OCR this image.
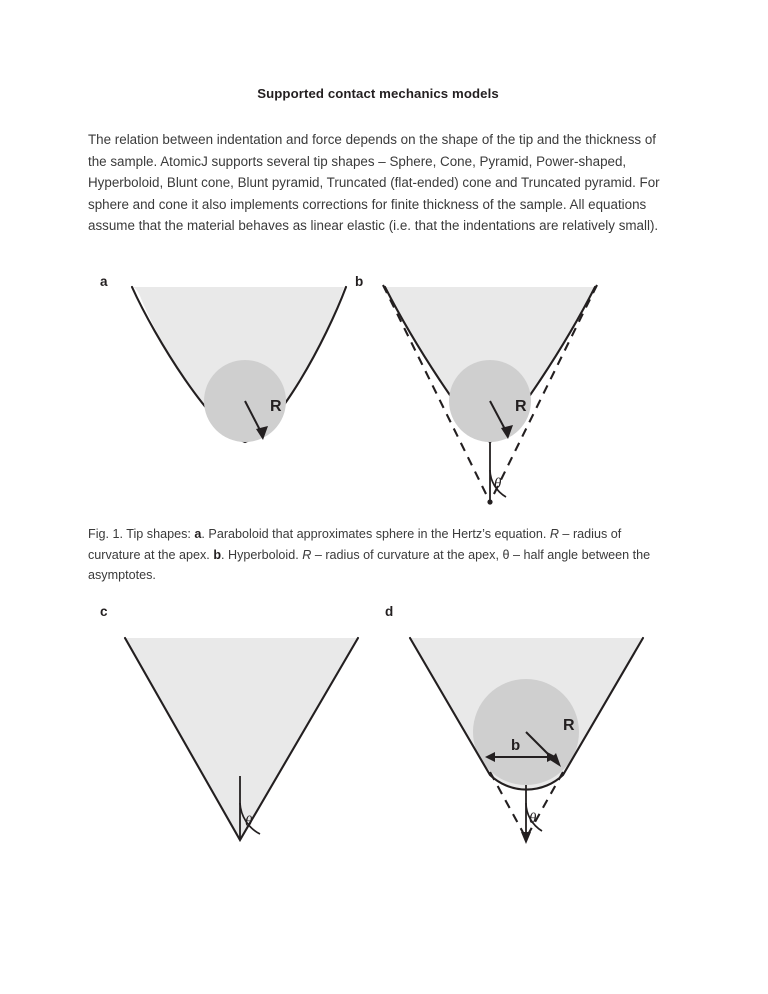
Supported contact mechanics models
The relation between indentation and force depends on the shape of the tip and the thickness of the sample. AtomicJ supports several tip shapes – Sphere, Cone, Pyramid, Power-shaped, Hyperboloid, Blunt cone, Blunt pyramid, Truncated (flat-ended) cone and Truncated pyramid. For sphere and cone it also implements corrections for finite thickness of the sample. All equations assume that the material behaves as linear elastic (i.e. that the indentations are relatively small).
a
R
b
R
θ
Fig. 1. Tip shapes: a. Paraboloid that approximates sphere in the Hertz’s equation. R – radius of curvature at the apex. b. Hyperboloid. R – radius of curvature at the apex, θ – half angle between the asymptotes.
c
θ
d
R
b
θ
